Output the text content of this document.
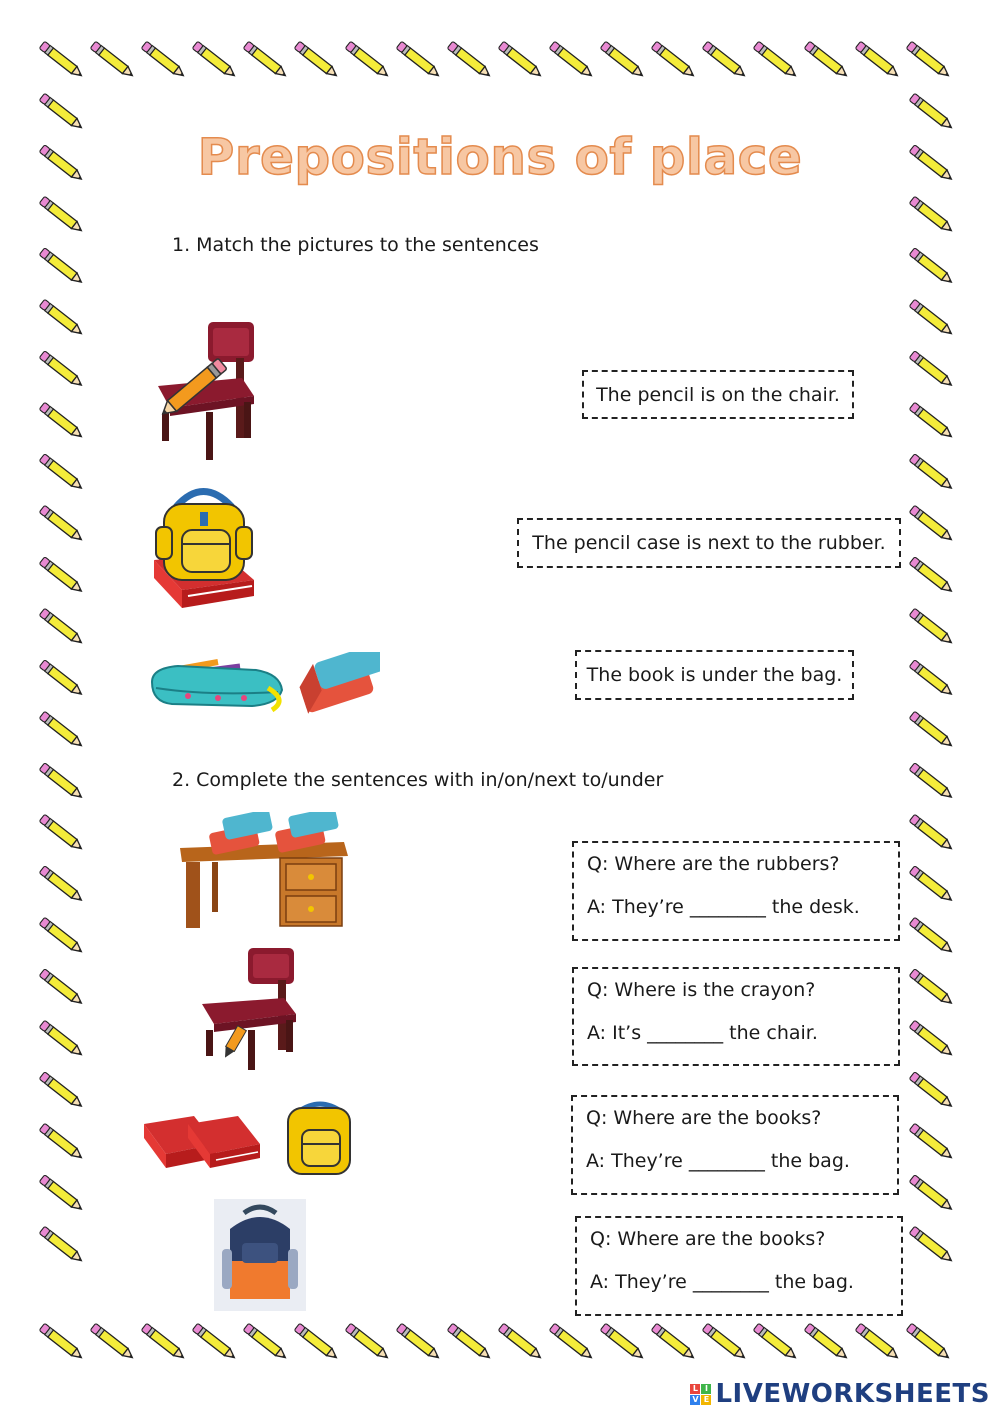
Prepositions of place
1. Match the pictures to the sentences
The pencil is on the chair.
The pencil case is next to the rubber.
The book is under the bag.
2. Complete the sentences with in/on/next to/under
Q: Where are the rubbers?
A: They’re ________ the desk.
Q: Where is the crayon?
A: It’s ________ the chair.
Q: Where are the books?
A: They’re ________ the bag.
Q: Where are the books?
A: They’re ________ the bag.
L I
V E LIVEWORKSHEETS
